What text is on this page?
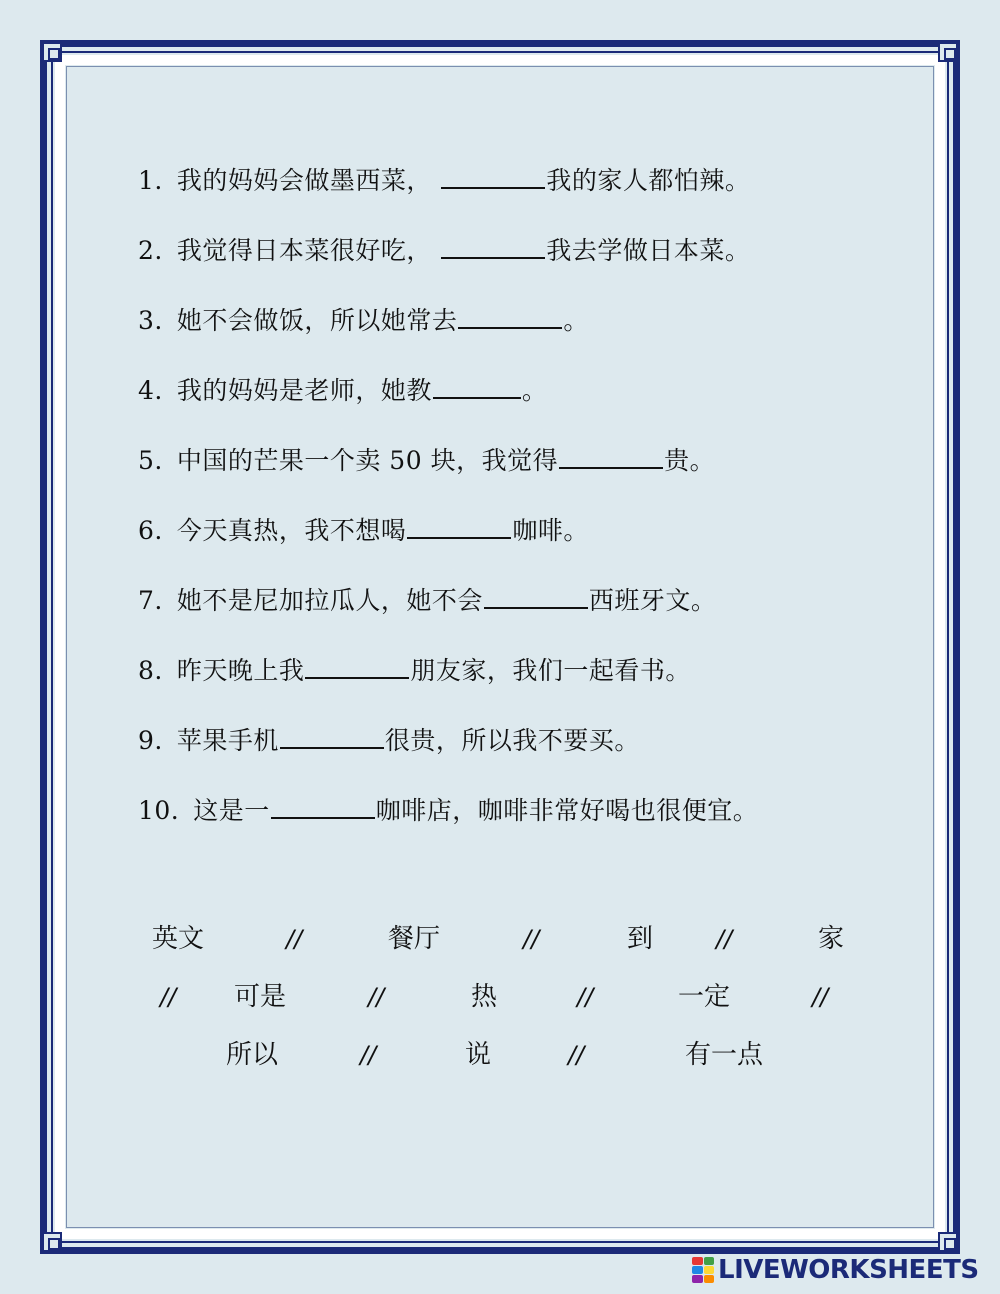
1. 我的妈妈会做墨西菜，	我的家人都怕辣。
2. 我觉得日本菜很好吃，	我去学做日本菜。
3. 她不会做饭，所以她常去	。
4. 我的妈妈是老师，她教	。
5. 中国的芒果一个卖 50 块，我觉得	贵。
6. 今天真热，我不想喝	咖啡。
7. 她不是尼加拉瓜人，她不会	西班牙文。
8. 昨天晚上我	朋友家，我们一起看书。
9. 苹果手机	很贵，所以我不要买。
10. 这是一	咖啡店，咖啡非常好喝也很便宜。
英文	//	餐厅	//	到	//	家
// 可是	//	热	//	一定	//
所以	//	说	//	有一点
LIVEWORKSHEETS
